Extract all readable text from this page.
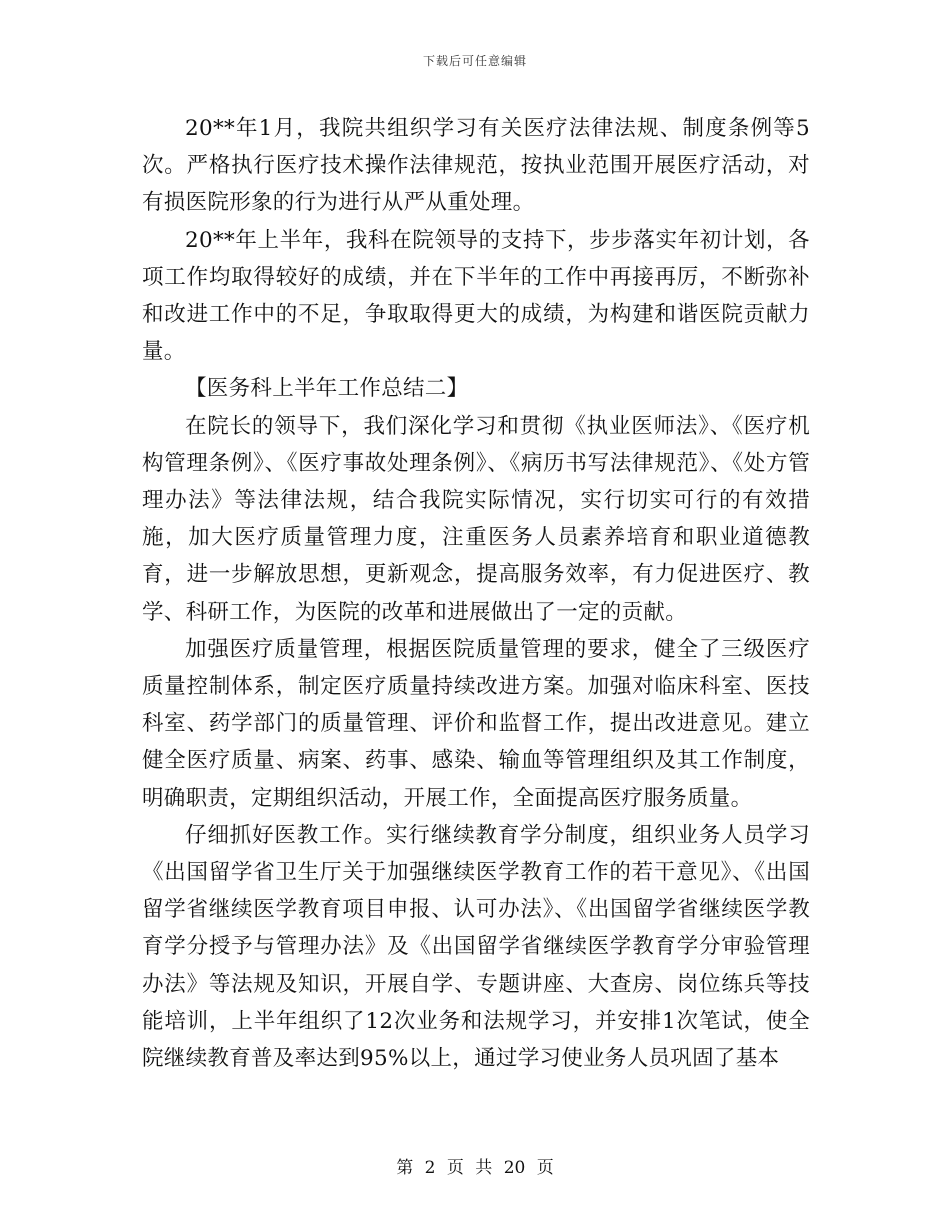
下载后可任意编辑

20**年1月，我院共组织学习有关医疗法律法规、制度条例等5次。严格执行医疗技术操作法律规范，按执业范围开展医疗活动，对有损医院形象的行为进行从严从重处理。

20**年上半年，我科在院领导的支持下，步步落实年初计划，各项工作均取得较好的成绩，并在下半年的工作中再接再厉，不断弥补和改进工作中的不足，争取取得更大的成绩，为构建和谐医院贡献力量。

【医务科上半年工作总结二】

在院长的领导下，我们深化学习和贯彻《执业医师法》、《医疗机构管理条例》、《医疗事故处理条例》、《病历书写法律规范》、《处方管理办法》等法律法规，结合我院实际情况，实行切实可行的有效措施，加大医疗质量管理力度，注重医务人员素养培育和职业道德教育，进一步解放思想，更新观念，提高服务效率，有力促进医疗、教学、科研工作，为医院的改革和进展做出了一定的贡献。

加强医疗质量管理，根据医院质量管理的要求，健全了三级医疗质量控制体系，制定医疗质量持续改进方案。加强对临床科室、医技科室、药学部门的质量管理、评价和监督工作，提出改进意见。建立健全医疗质量、病案、药事、感染、输血等管理组织及其工作制度，明确职责，定期组织活动，开展工作，全面提高医疗服务质量。

仔细抓好医教工作。实行继续教育学分制度，组织业务人员学习《出国留学省卫生厅关于加强继续医学教育工作的若干意见》、《出国留学省继续医学教育项目申报、认可办法》、《出国留学省继续医学教育学分授予与管理办法》及《出国留学省继续医学教育学分审验管理办法》等法规及知识，开展自学、专题讲座、大查房、岗位练兵等技能培训，上半年组织了12次业务和法规学习，并安排1次笔试，使全院继续教育普及率达到95%以上，通过学习使业务人员巩固了基本

第 2 页 共 20 页
